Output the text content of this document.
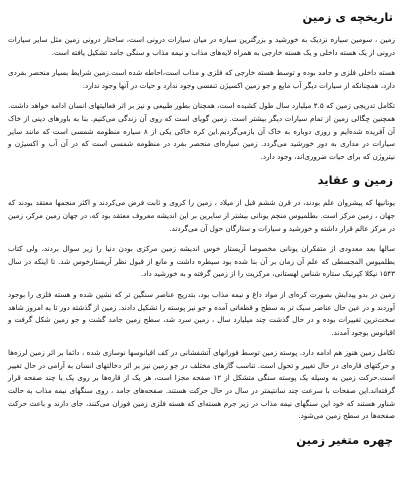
تاریخچه ی زمین

زمین ، سومین سیاره نزدیک به خورشید و بزرگترین سیاره در میان سیارات درونی است، ساختار درونی زمین مثل سایر سیارات درونی از یک هسته داخلی و یک هسته خارجی به همراه لایه‌های مذاب و نیمه مذاب و سنگی جامد تشکیل یافته است.

هسته داخلی فلزی و جامد بوده و توسط هسته خارجی که فلزی و مذاب است،احاطه شده است.زمین شرایط بسیار منحصر بفردی دارد، همچنانکه از سیارات دیگر آب مایع و جو زمین اکسیژن تنفسی وجود ندارد و حیات در آنها وجود ندارد.

تکامل تدریجی زمین که ۴.۵ میلیارد سال طول کشیده است، همچنان بطور طبیعی و نیز بر اثر فعالیتهای انسان ادامه خواهد داشت. همچنین چگالی زمین از تمام سیارات دیگر بیشتر است. زمین گویای است که روی آن زندگی می‌کنیم. بنا به باورهای دینی از خاک آن آفریده شده‌ایم و روزی دوباره به خاک آن بازمی‌گردیم.این کره خاکی یکی از ۸ سیاره منظومه شمسی است که مانند سایر سیارات در مداری به دور خورشید می‌گردد. زمین سیاره‌ای منحصر بفرد در منظومه شمسی است که در آن آب و اکسیژن و نیتروژن که برای حیات ضروری‌اند، وجود دارد.

زمین و عقاید

یونانیها که پیشروان علم بودند، در قرن ششم قبل از میلاد ، زمین را کروی و ثابت فرض می‌کردند و اکثر منجمها معتقد بودند که جهان ، زمین مرکز است. بطلمیوس منجم یونانی بیشتر از سایرین بر این اندیشه معروف معتقد بود که، در جهان زمین مرکز، زمین در مرکز عالم قرار داشته و خورشید و سیارات و ستارگان حول آن می‌گردند.

سالها بعد معدودی از متفکران یونانی مخصوصا آریستار خوس اندیشه زمین مرکزی بودن دنیا را زیر سوال بردند، ولی کتاب بطلمیوس المجسطی که علم آن زمان بر آن بنا شده بود سیطره داشت و مانع از قبول نظر آریستارخوس شد. تا اینکه در سال ۱۵۴۳ نیکلا کپرنیک ستاره شناس لهستانی، مرکزیت را از زمین گرفته و به خورشید داد.

زمین در بدو پیدایش بصورت کره‌ای از مواد داغ و نیمه مذاب بود، بتدریج عناصر سنگین تر که نشین شده و هسته فلزی را بوجود آوردند و در عین حال عناصر سبک تر به سطح و قطعاتی آمده و جو نیز پوسته را تشکیل دادند. زمین از گذشته دور تا به امروز شاهد سخت‌ترین تغییرات بوده و در حال گذشت چند میلیارد سال ، زمین سرد شد، سطح زمین جامد گشت و جو زمین شکل گرفت و اقیانوس بوجود آمدند.

تکامل زمین هنوز هم ادامه دارد. پوسته زمین توسط فورانهای آتشفشانی در کف اقیانوسها نوسازی شده ، دائما بر اثر زمین لرزه‌ها و حرکتهای قاره‌ای در حال تغییر و تحول است. تناسب گازهای مختلف در جو زمین نیز بر اثر دخالتهای انسان به آرامی در حال تغییر است.حرکت زمین به وسیله یک پوسته سنگی متشکل از ۱۲ صفحه مجزا است، هر یک از قاره‌ها بر روی یک یا چند صفحه قرار گرفته‌اند.این صفحات با سرعت چند سانتیمتر در سال در حال حرکت هستند. صفحه‌های جامد ، روی سنگهای نیمه مذاب به حالت شناور هستند که خود این سنگهای نیمه مذاب در زیر جرم هسته‌ای که هسته فلزی زمین فوران می‌کنند، جای دارند و باعث حرکت صفحه‌ها در سطح زمین می‌شود.

چهره متغیر زمین
